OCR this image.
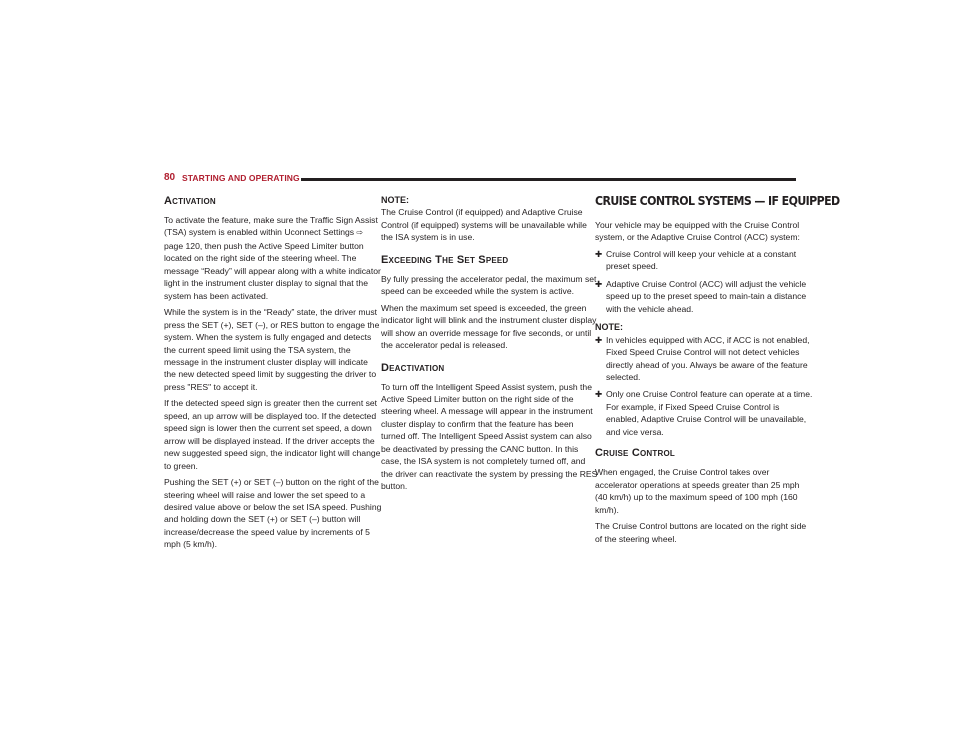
80 STARTING AND OPERATING
Activation

To activate the feature, make sure the Traffic Sign Assist (TSA) system is enabled within Uconnect Settings ⇨ page 120, then push the Active Speed Limiter button located on the right side of the steering wheel. The message “Ready” will appear along with a white indicator light in the instrument cluster display to signal that the system has been activated.

While the system is in the “Ready” state, the driver must press the SET (+), SET (–), or RES button to engage the system. When the system is fully engaged and detects the current speed limit using the TSA system, the message in the instrument cluster display will indicate the new detected speed limit by suggesting the driver to press "RES" to accept it.

If the detected speed sign is greater then the current set speed, an up arrow will be displayed too. If the detected speed sign is lower then the current set speed, a down arrow will be displayed instead. If the driver accepts the new suggested speed sign, the indicator light will change to green.

Pushing the SET (+) or SET (–) button on the right of the steering wheel will raise and lower the set speed to a desired value above or below the set ISA speed. Pushing and holding down the SET (+) or SET (–) button will increase/decrease the speed value by increments of 5 mph (5 km/h).

NOTE:
The Cruise Control (if equipped) and Adaptive Cruise Control (if equipped) systems will be unavailable while the ISA system is in use.

Exceeding The Set Speed

By fully pressing the accelerator pedal, the maximum set speed can be exceeded while the system is active.

When the maximum set speed is exceeded, the green indicator light will blink and the instrument cluster display will show an override message for five seconds, or until the accelerator pedal is released.

Deactivation

To turn off the Intelligent Speed Assist system, push the Active Speed Limiter button on the right side of the steering wheel. A message will appear in the instrument cluster display to confirm that the feature has been turned off. The Intelligent Speed Assist system can also be deactivated by pressing the CANC button. In this case, the ISA system is not completely turned off, and the driver can reactivate the system by pressing the RES button.

CRUISE CONTROL SYSTEMS — IF EQUIPPED

Your vehicle may be equipped with the Cruise Control system, or the Adaptive Cruise Control (ACC) system:

✚ Cruise Control will keep your vehicle at a constant preset speed.
✚ Adaptive Cruise Control (ACC) will adjust the vehicle speed up to the preset speed to main-tain a distance with the vehicle ahead.
NOTE:
✚ In vehicles equipped with ACC, if ACC is not enabled, Fixed Speed Cruise Control will not detect vehicles directly ahead of you. Always be aware of the feature selected.
✚ Only one Cruise Control feature can operate at a time. For example, if Fixed Speed Cruise Control is enabled, Adaptive Cruise Control will be unavailable, and vice versa.
Cruise Control

When engaged, the Cruise Control takes over accelerator operations at speeds greater than 25 mph (40 km/h) up to the maximum speed of 100 mph (160 km/h).

The Cruise Control buttons are located on the right side of the steering wheel.
